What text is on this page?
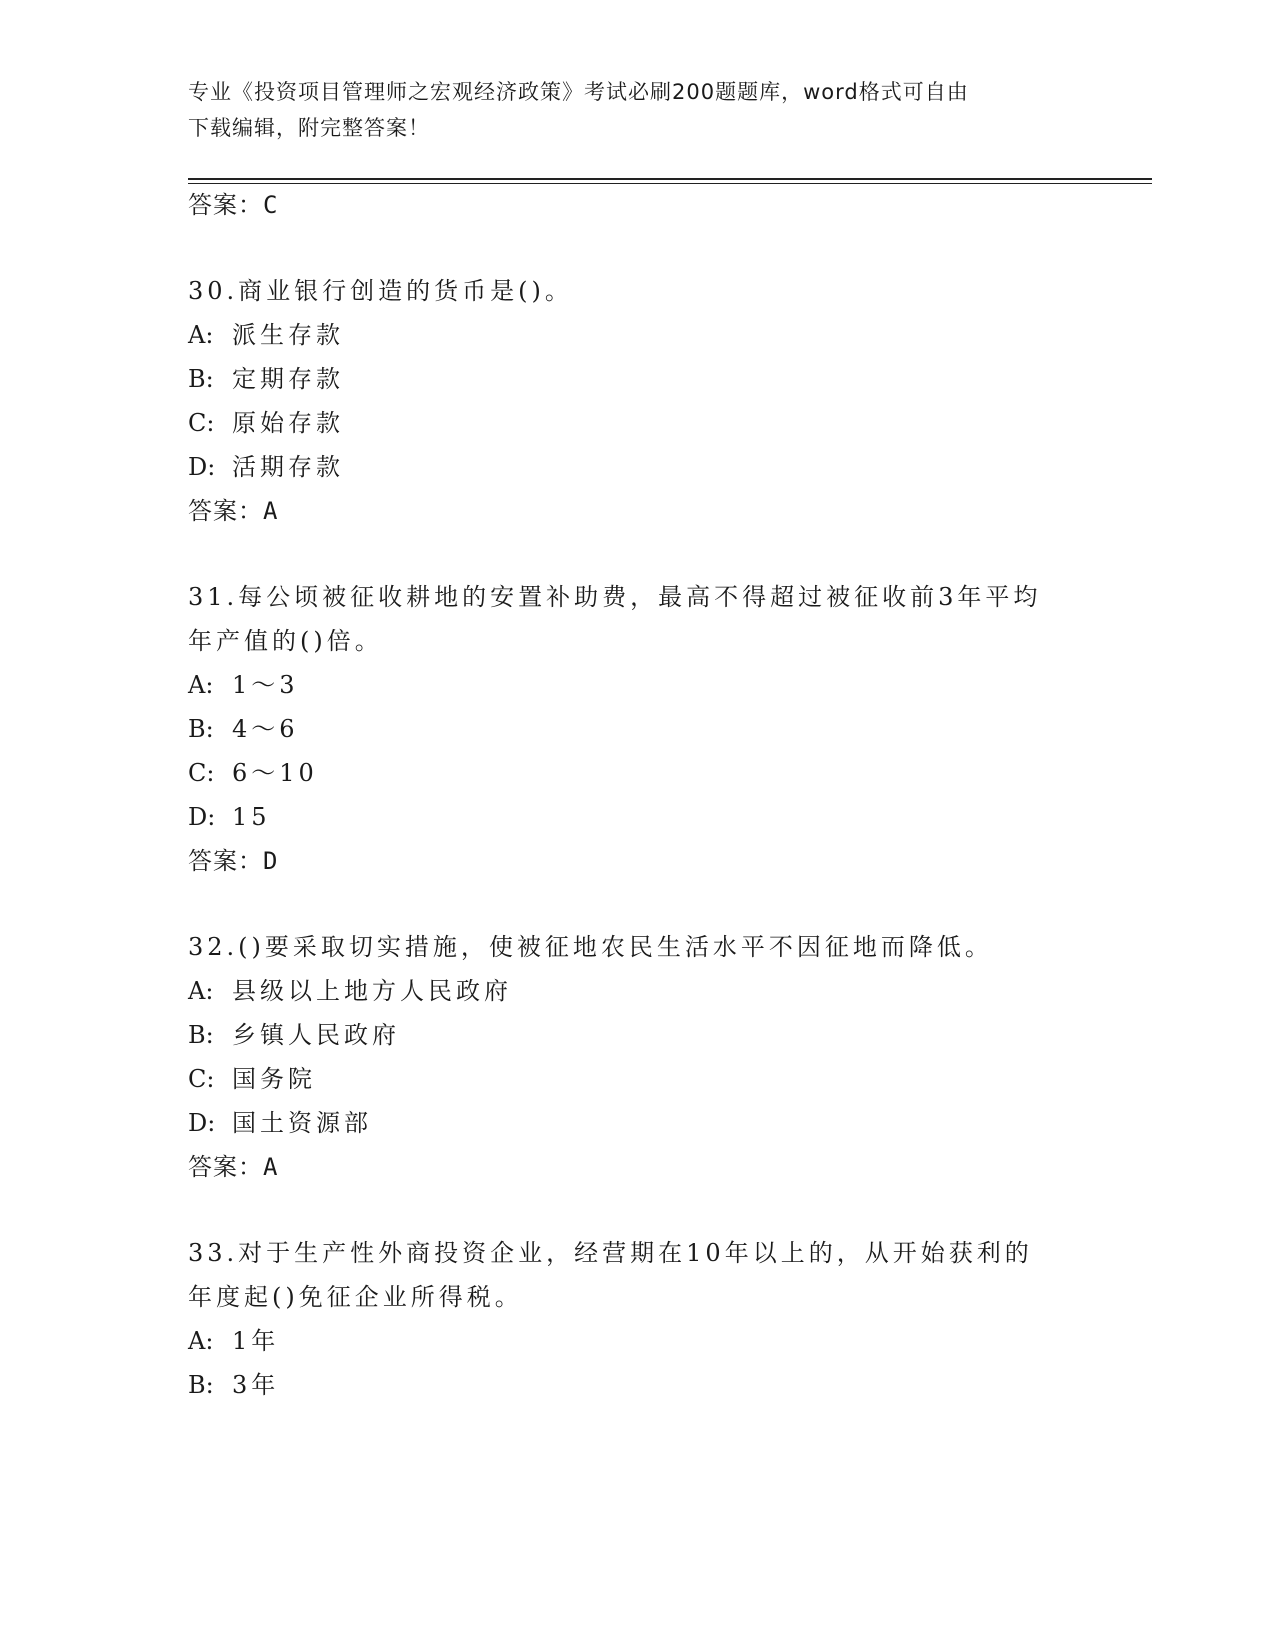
专业《投资项目管理师之宏观经济政策》考试必刷200题题库，word格式可自由
下载编辑，附完整答案！
答案：C
30.商业银行创造的货币是()。
A: 派生存款
B: 定期存款
C: 原始存款
D: 活期存款
答案：A
31.每公顷被征收耕地的安置补助费，最高不得超过被征收前3年平均
年产值的()倍。
A: 1～3
B: 4～6
C: 6～10
D: 15
答案：D
32.()要采取切实措施，使被征地农民生活水平不因征地而降低。
A: 县级以上地方人民政府
B: 乡镇人民政府
C: 国务院
D: 国土资源部
答案：A
33.对于生产性外商投资企业，经营期在10年以上的，从开始获利的
年度起()免征企业所得税。
A: 1年
B: 3年
